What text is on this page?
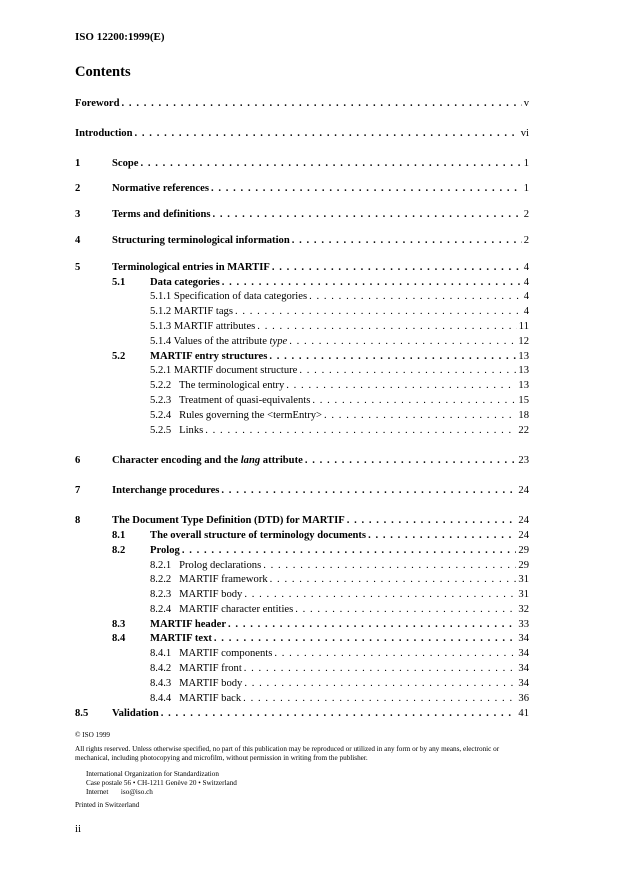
ISO 12200:1999(E)
Contents
Foreword . . .	v
Introduction . . .	vi
1	Scope . . .	1
2	Normative references . . .	1
3	Terms and definitions . . .	2
4	Structuring terminological information . . .	2
5	Terminological entries in MARTIF . . .	4
5.1 Data categories . . .	4
5.1.1 Specification of data categories . . .	4
5.1.2 MARTIF tags . . .	4
5.1.3 MARTIF attributes . . .	11
5.1.4 Values of the attribute type . . .	12
5.2 MARTIF entry structures . . .	13
5.2.1 MARTIF document structure . . .	13
5.2.2   The terminological entry . . .	13
5.2.3   Treatment of quasi-equivalents . . .	15
5.2.4   Rules governing the <termEntry> . . .	18
5.2.5   Links . . .	22
6	Character encoding and the lang attribute . . .	23
7	Interchange procedures . . .	24
8	The Document Type Definition (DTD) for MARTIF . . .	24
8.1 The overall structure of terminology documents . . .	24
8.2 Prolog . . .	29
8.2.1   Prolog declarations . . .	29
8.2.2   MARTIF framework . . .	31
8.2.3   MARTIF body . . .	31
8.2.4   MARTIF character entities . . .	32
8.3 MARTIF header . . .	33
8.4 MARTIF text . . .	34
8.4.1   MARTIF components . . .	34
8.4.2   MARTIF front . . .	34
8.4.3   MARTIF body . . .	34
8.4.4   MARTIF back . . .	36
8.5 Validation . . .	41
© ISO 1999
All rights reserved. Unless otherwise specified, no part of this publication may be reproduced or utilized in any form or by any means, electronic or mechanical, including photocopying and microfilm, without permission in writing from the publisher.
International Organization for Standardization
Case postale 56 • CH-1211 Genève 20 • Switzerland
Internet       iso@iso.ch
Printed in Switzerland
ii
